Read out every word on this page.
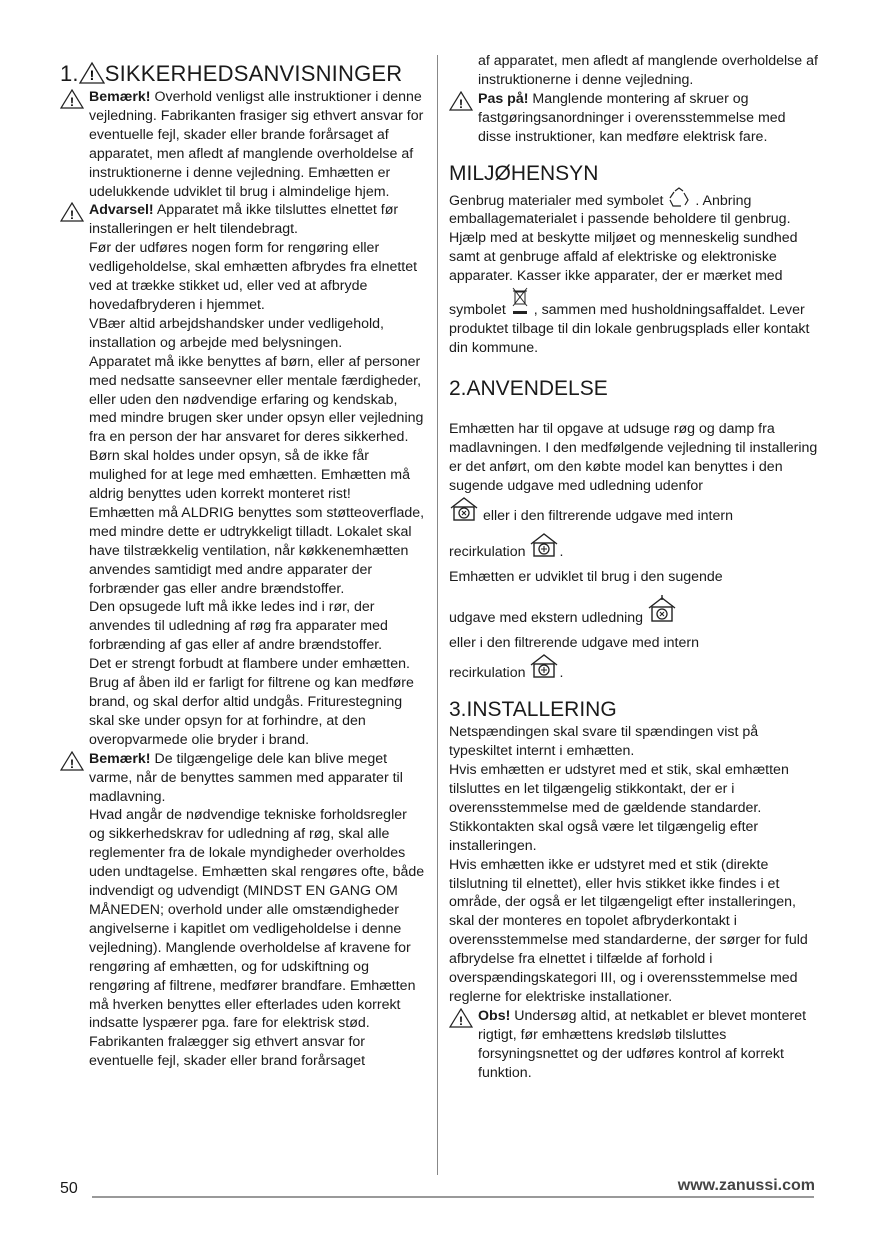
1. ! SIKKERHEDSANVISNINGER
! Bemærk! Overhold venligst alle instruktioner i denne vejledning. Fabrikanten frasiger sig ethvert ansvar for eventuelle fejl, skader eller brande forårsaget af apparatet, men afledt af manglende overholdelse af instruktionerne i denne vejledning. Emhætten er udelukkende udviklet til brug i almindelige hjem.

! Advarsel! Apparatet må ikke tilsluttes elnettet før installeringen er helt tilendebragt.

Før der udføres nogen form for rengøring eller vedligeholdelse, skal emhætten afbrydes fra elnettet ved at trække stikket ud, eller ved at afbryde hovedafbryderen i hjemmet.

VBær altid arbejdshandsker under vedligehold, installation og arbejde med belysningen.

Apparatet må ikke benyttes af børn, eller af personer med nedsatte sanseevner eller mentale færdigheder, eller uden den nødvendige erfaring og kendskab, med mindre brugen sker under opsyn eller vejledning fra en person der har ansvaret for deres sikkerhed.

Børn skal holdes under opsyn, så de ikke får mulighed for at lege med emhætten. Emhætten må aldrig benyttes uden korrekt monteret rist!

Emhætten må ALDRIG benyttes som støtteoverflade, med mindre dette er udtrykkeligt tilladt. Lokalet skal have tilstrækkelig ventilation, når køkkenemhætten anvendes samtidigt med andre apparater der forbrænder gas eller andre brændstoffer.

Den opsugede luft må ikke ledes ind i rør, der anvendes til udledning af røg fra apparater med forbrænding af gas eller af andre brændstoffer.

Det er strengt forbudt at flambere under emhætten. Brug af åben ild er farligt for filtrene og kan medføre brand, og skal derfor altid undgås. Friturestegning skal ske under opsyn for at forhindre, at den overopvarmede olie bryder i brand.

! Bemærk! De tilgængelige dele kan blive meget varme, når de benyttes sammen med apparater til madlavning.

Hvad angår de nødvendige tekniske forholdsregler og sikkerhedskrav for udledning af røg, skal alle reglementer fra de lokale myndigheder overholdes uden undtagelse. Emhætten skal rengøres ofte, både indvendigt og udvendigt (MINDST EN GANG OM MÅNEDEN; overhold under alle omstændigheder angivelserne i kapitlet om vedligeholdelse i denne vejledning). Manglende overholdelse af kravene for rengøring af emhætten, og for udskiftning og rengøring af filtrene, medfører brandfare. Emhætten må hverken benyttes eller efterlades uden korrekt indsatte lyspærer pga. fare for elektrisk stød. Fabrikanten fralægger sig ethvert ansvar for eventuelle fejl, skader eller brand forårsaget

af apparatet, men afledt af manglende overholdelse af instruktionerne i denne vejledning.

! Pas på! Manglende montering af skruer og fastgøringsanordninger i overensstemmelse med disse instruktioner, kan medføre elektrisk fare.

MILJØHENSYN

Genbrug materialer med symbolet . Anbring emballagematerialet i passende beholdere til genbrug.

Hjælp med at beskytte miljøet og menneskelig sundhed samt at genbruge affald af elektriske og elektroniske apparater. Kasser ikke apparater, der er mærket med symbolet , sammen med husholdningsaffaldet. Lever produktet tilbage til din lokale genbrugsplads eller kontakt din kommune.

2.ANVENDELSE

Emhætten har til opgave at udsuge røg og damp fra madlavningen. I den medfølgende vejledning til installering er det anført, om den købte model kan benyttes i den sugende udgave med udledning udenfor

eller i den filtrerende udgave med intern

recirkulation .

Emhætten er udviklet til brug i den sugende

udgave med ekstern udledning

eller i den filtrerende udgave med intern

recirkulation .

3.INSTALLERING

Netspændingen skal svare til spændingen vist på typeskiltet internt i emhætten.

Hvis emhætten er udstyret med et stik, skal emhætten tilsluttes en let tilgængelig stikkontakt, der er i overensstemmelse med de gældende standarder. Stikkontakten skal også være let tilgængelig efter installeringen.

Hvis emhætten ikke er udstyret med et stik (direkte tilslutning til elnettet), eller hvis stikket ikke findes i et område, der også er let tilgængeligt efter installeringen, skal der monteres en topolet afbryderkontakt i overensstemmelse med standarderne, der sørger for fuld afbrydelse fra elnettet i tilfælde af forhold i overspændingskategori III, og i overensstemmelse med reglerne for elektriske installationer.

! Obs! Undersøg altid, at netkablet er blevet monteret rigtigt, før emhættens kredsløb tilsluttes forsyningsnettet og der udføres kontrol af korrekt funktion.

50	www.zanussi.com
